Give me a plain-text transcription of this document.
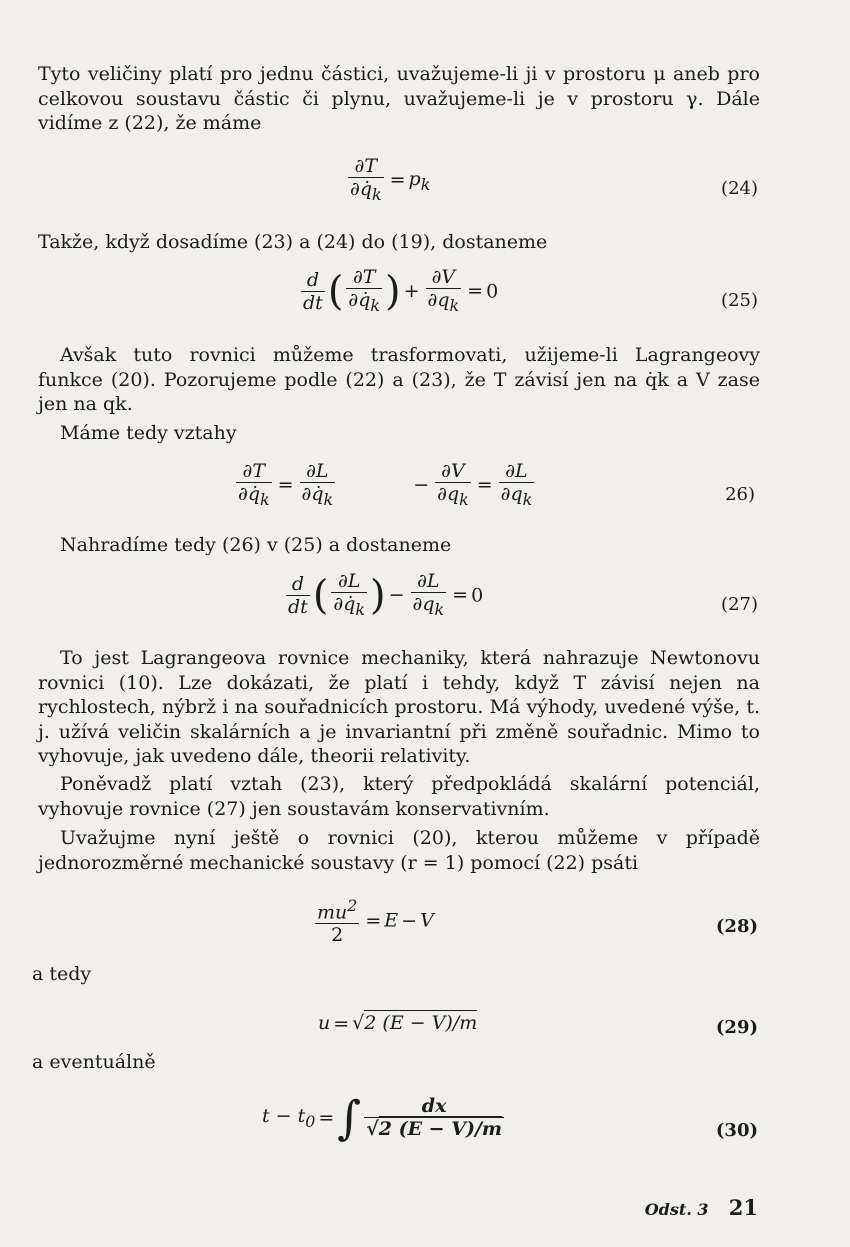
Tyto veličiny platí pro jednu částici, uvažujeme-li ji v prostoru μ aneb pro celkovou soustavu částic či plynu, uvažujeme-li je v prostoru γ. Dále vidíme z (22), že máme

$\frac{\partial T}{\partial q̇_k} = p_k$	(24)
Takže, když dosadíme (23) a (24) do (19), dostaneme
$\frac{d}{dt}$ ( $\frac{\partial T}{\partial q̇_k}$ ) + $\frac{\partial V}{\partial q_k} = 0$	(25)

Avšak tuto rovnici můžeme trasformovati, užijeme-li Lagrangeovy funkce (20). Pozorujeme podle (22) a (23), že T závisí jen na q̇k a V zase jen na qk.

Máme tedy vztahy
$\frac{\partial T}{\partial q̇_k} = \frac{\partial L}{\partial q̇_k}$	− $\frac{\partial V}{\partial q_k} = \frac{\partial L}{\partial q_k}$	26)
Nahradíme tedy (26) v (25) a dostaneme
$\frac{d}{dt}$ ( $\frac{\partial L}{\partial q̇_k}$ ) − $\frac{\partial L}{\partial q_k} = 0$	(27)

To jest Lagrangeova rovnice mechaniky, která nahrazuje Newtonovu rovnici (10). Lze dokázati, že platí i tehdy, když T závisí nejen na rychlostech, nýbrž i na souřadnicích prostoru. Má výhody, uvedené výše, t. j. užívá veličin skalárních a je invariantní při změně souřadnic. Mimo to vyhovuje, jak uvedeno dále, theorii relativity.

Poněvadž platí vztah (23), který předpokládá skalární potenciál, vyhovuje rovnice (27) jen soustavám konservativním.

Uvažujme nyní ještě o rovnici (20), kterou můžeme v případě jednorozměrné mechanické soustavy (r = 1) pomocí (22) psáti

$\frac{mu^2}{2} = E - V$	(28)
a tedy
u = √2 (E − V)/m	(29)
a eventuálně
$t - t_0$ =∫ $\frac{dx}{√2 (E - V)/m}$	(30)
Odst. 3 21
